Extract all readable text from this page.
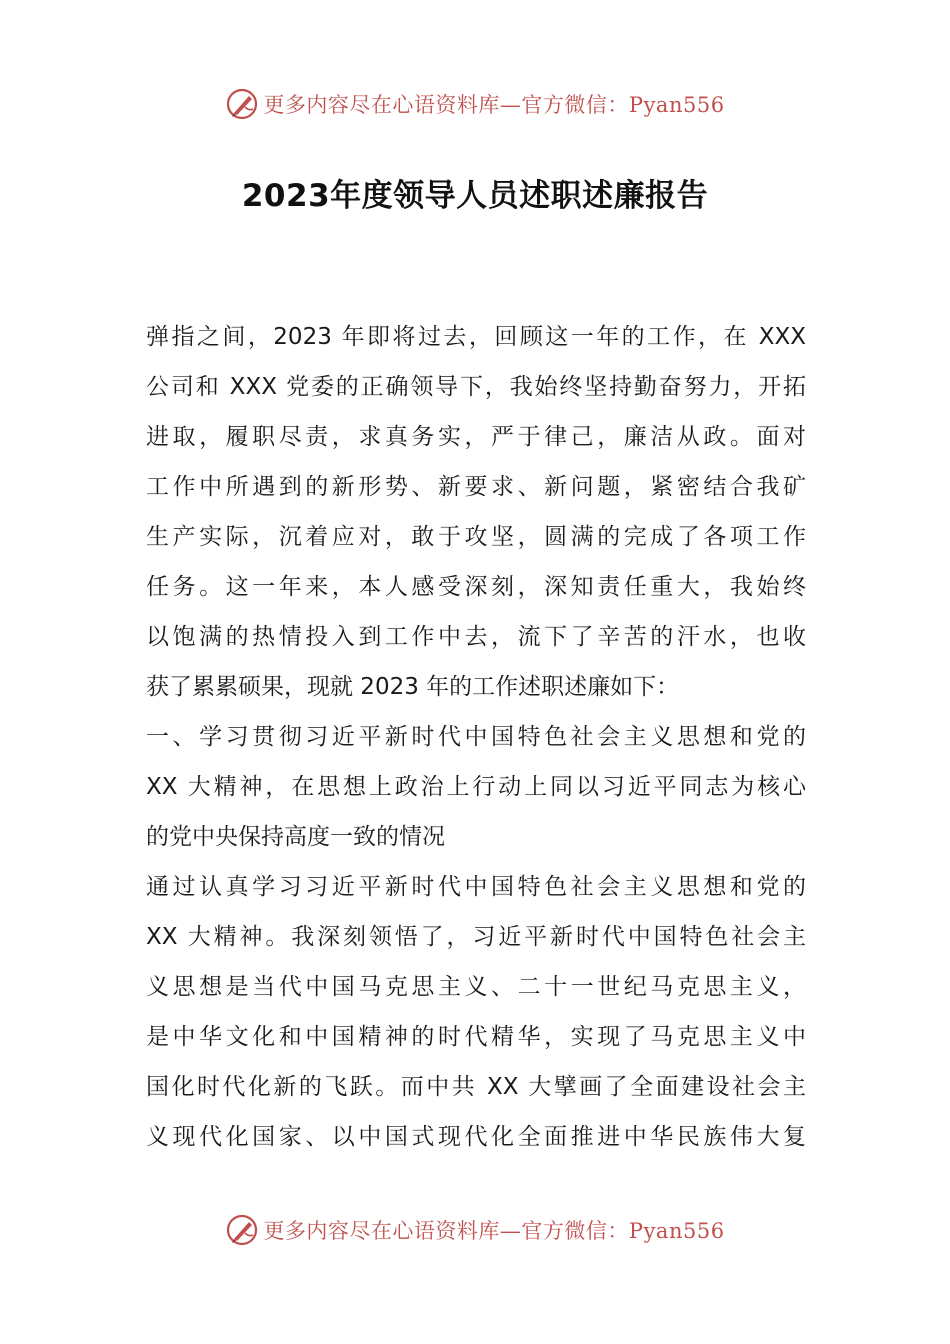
更多内容尽在心语资料库—官方微信：Pyan556
2023年度领导人员述职述廉报告
弹指之间，2023 年即将过去，回顾这一年的工作，在 XXX
公司和 XXX 党委的正确领导下，我始终坚持勤奋努力，开拓
进取，履职尽责，求真务实，严于律己，廉洁从政。面对
工作中所遇到的新形势、新要求、新问题，紧密结合我矿
生产实际，沉着应对，敢于攻坚，圆满的完成了各项工作
任务。这一年来，本人感受深刻，深知责任重大，我始终
以饱满的热情投入到工作中去，流下了辛苦的汗水，也收
获了累累硕果，现就 2023 年的工作述职述廉如下：
一、学习贯彻习近平新时代中国特色社会主义思想和党的
XX 大精神，在思想上政治上行动上同以习近平同志为核心
的党中央保持高度一致的情况
通过认真学习习近平新时代中国特色社会主义思想和党的
XX 大精神。我深刻领悟了，习近平新时代中国特色社会主
义思想是当代中国马克思主义、二十一世纪马克思主义，
是中华文化和中国精神的时代精华，实现了马克思主义中
国化时代化新的飞跃。而中共 XX 大擘画了全面建设社会主
义现代化国家、以中国式现代化全面推进中华民族伟大复
更多内容尽在心语资料库—官方微信：Pyan556
